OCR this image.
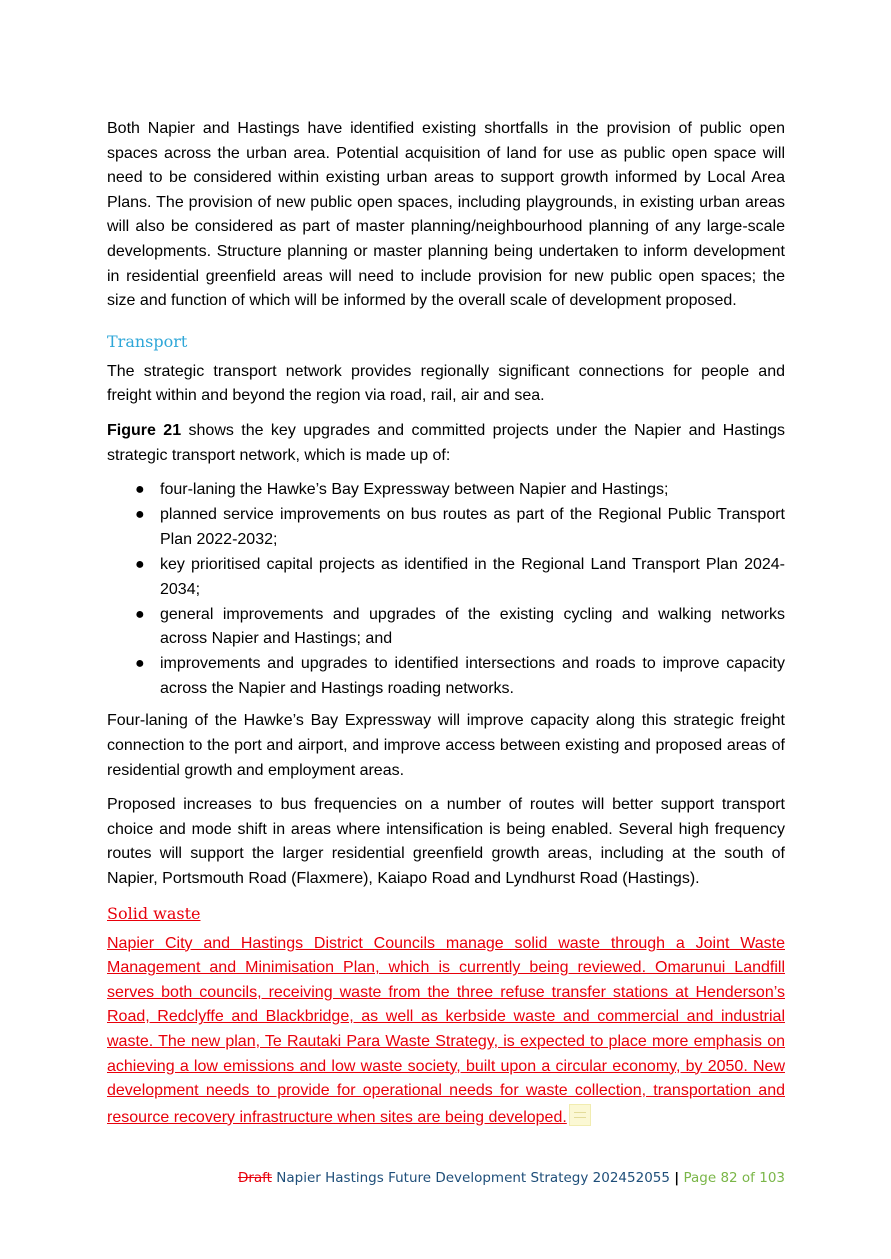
Both Napier and Hastings have identified existing shortfalls in the provision of public open spaces across the urban area. Potential acquisition of land for use as public open space will need to be considered within existing urban areas to support growth informed by Local Area Plans. The provision of new public open spaces, including playgrounds, in existing urban areas will also be considered as part of master planning/neighbourhood planning of any large-scale developments. Structure planning or master planning being undertaken to inform development in residential greenfield areas will need to include provision for new public open spaces; the size and function of which will be informed by the overall scale of development proposed.

Transport

The strategic transport network provides regionally significant connections for people and freight within and beyond the region via road, rail, air and sea.

Figure 21 shows the key upgrades and committed projects under the Napier and Hastings strategic transport network, which is made up of:

● four-laning the Hawke’s Bay Expressway between Napier and Hastings;
● planned service improvements on bus routes as part of the Regional Public Transport Plan 2022-2032;
● key prioritised capital projects as identified in the Regional Land Transport Plan 2024-2034;
● general improvements and upgrades of the existing cycling and walking networks across Napier and Hastings; and
● improvements and upgrades to identified intersections and roads to improve capacity across the Napier and Hastings roading networks.

Four-laning of the Hawke’s Bay Expressway will improve capacity along this strategic freight connection to the port and airport, and improve access between existing and proposed areas of residential growth and employment areas.

Proposed increases to bus frequencies on a number of routes will better support transport choice and mode shift in areas where intensification is being enabled. Several high frequency routes will support the larger residential greenfield growth areas, including at the south of Napier, Portsmouth Road (Flaxmere), Kaiapo Road and Lyndhurst Road (Hastings).

Solid waste

Napier City and Hastings District Councils manage solid waste through a Joint Waste Management and Minimisation Plan, which is currently being reviewed. Omarunui Landfill serves both councils, receiving waste from the three refuse transfer stations at Henderson’s Road, Redclyffe and Blackbridge, as well as kerbside waste and commercial and industrial waste. The new plan, Te Rautaki Para Waste Strategy, is expected to place more emphasis on achieving a low emissions and low waste society, built upon a circular economy, by 2050. New development needs to provide for operational needs for waste collection, transportation and resource recovery infrastructure when sites are being developed.

Draft Napier Hastings Future Development Strategy 202452055 | Page 82 of 103
